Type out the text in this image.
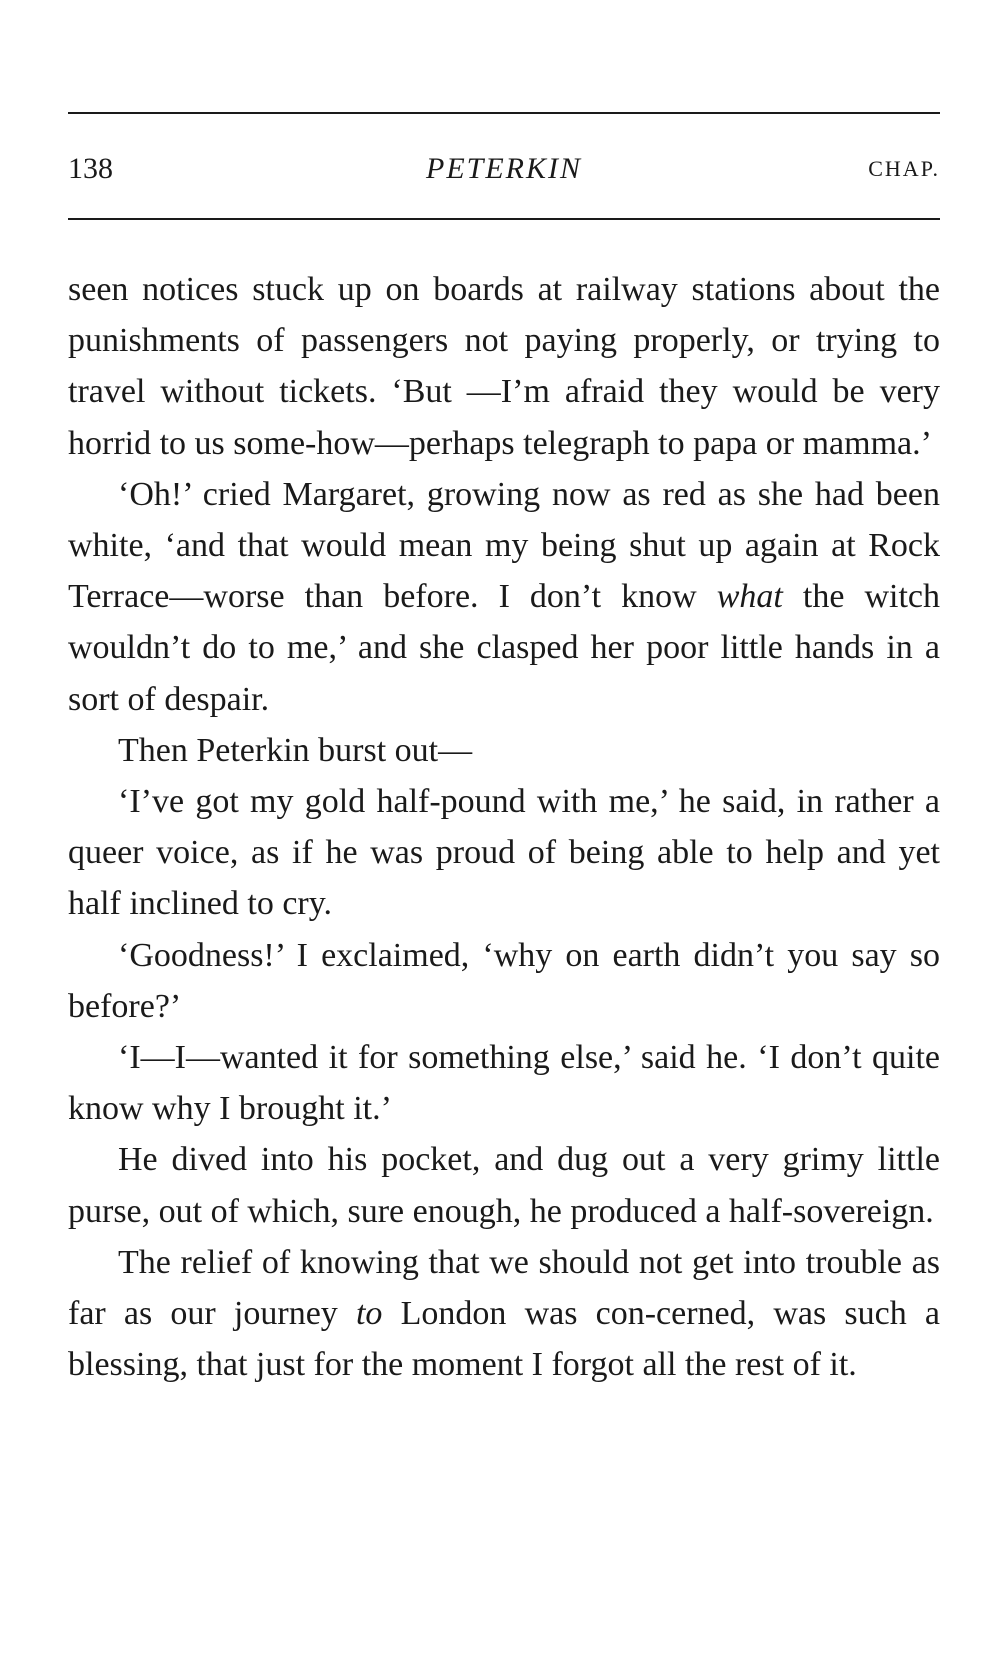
138	PETERKIN	CHAP.

seen notices stuck up on boards at railway stations about the punishments of passengers not paying properly, or trying to travel without tickets. ‘But —I’m afraid they would be very horrid to us some-how—perhaps telegraph to papa or mamma.’

‘Oh!’ cried Margaret, growing now as red as she had been white, ‘and that would mean my being shut up again at Rock Terrace—worse than before. I don’t know what the witch wouldn’t do to me,’ and she clasped her poor little hands in a sort of despair.

Then Peterkin burst out—

‘I’ve got my gold half-pound with me,’ he said, in rather a queer voice, as if he was proud of being able to help and yet half inclined to cry.

‘Goodness!’ I exclaimed, ‘why on earth didn’t you say so before?’

‘I—I—wanted it for something else,’ said he. ‘I don’t quite know why I brought it.’

He dived into his pocket, and dug out a very grimy little purse, out of which, sure enough, he produced a half-sovereign.

The relief of knowing that we should not get into trouble as far as our journey to London was con-cerned, was such a blessing, that just for the moment I forgot all the rest of it.
